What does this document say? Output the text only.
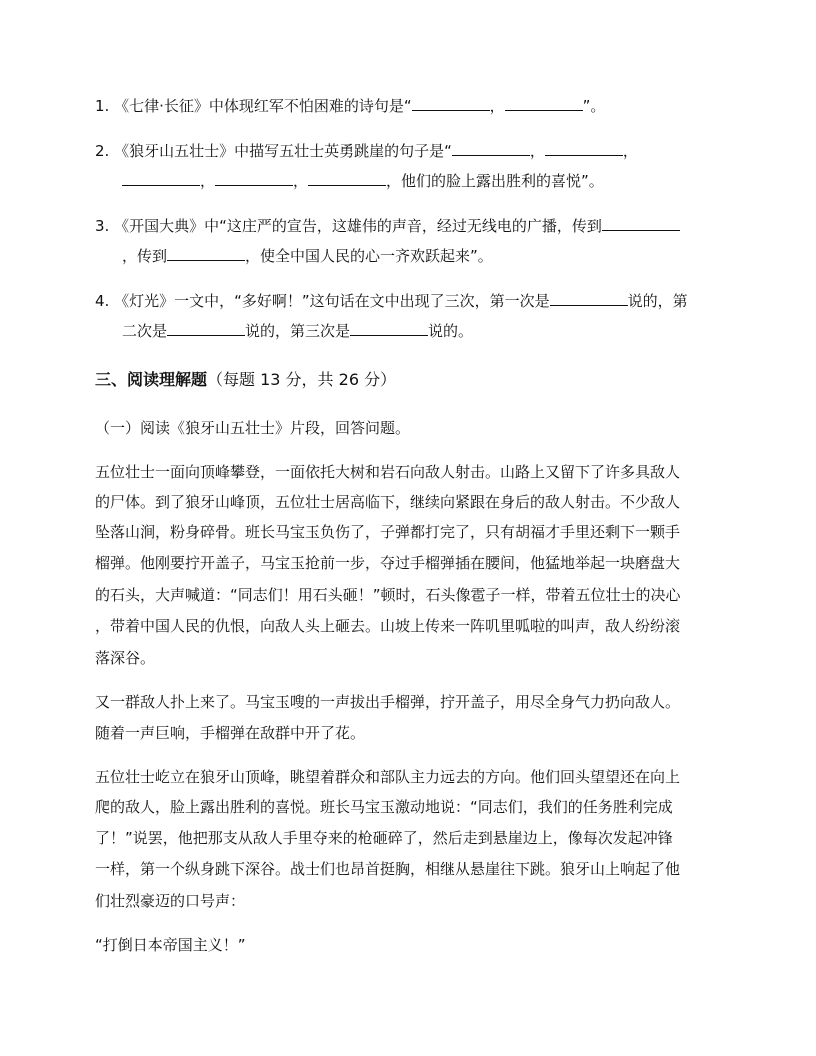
1. 《七律·长征》中体现红军不怕困难的诗句是“	，	”。
2. 《狼牙山五壮士》中描写五壮士英勇跳崖的句子是“	，	，
，	，	，他们的脸上露出胜利的喜悦”。
3. 《开国大典》中“这庄严的宣告，这雄伟的声音，经过无线电的广播，传到
，传到	，使全中国人民的心一齐欢跃起来”。
4. 《灯光》一文中，“多好啊！”这句话在文中出现了三次，第一次是	说的，第
二次是	说的，第三次是	说的。
三、阅读理解题（每题 13 分，共 26 分）
（一）阅读《狼牙山五壮士》片段，回答问题。
五位壮士一面向顶峰攀登，一面依托大树和岩石向敌人射击。山路上又留下了许多具敌人
的尸体。到了狼牙山峰顶，五位壮士居高临下，继续向紧跟在身后的敌人射击。不少敌人
坠落山涧，粉身碎骨。班长马宝玉负伤了，子弹都打完了，只有胡福才手里还剩下一颗手
榴弹。他刚要拧开盖子，马宝玉抢前一步，夺过手榴弹插在腰间，他猛地举起一块磨盘大
的石头，大声喊道：“同志们！用石头砸！”顿时，石头像雹子一样，带着五位壮士的决心
，带着中国人民的仇恨，向敌人头上砸去。山坡上传来一阵叽里呱啦的叫声，敌人纷纷滚
落深谷。
又一群敌人扑上来了。马宝玉嗖的一声拔出手榴弹，拧开盖子，用尽全身气力扔向敌人。
随着一声巨响，手榴弹在敌群中开了花。
五位壮士屹立在狼牙山顶峰，眺望着群众和部队主力远去的方向。他们回头望望还在向上
爬的敌人，脸上露出胜利的喜悦。班长马宝玉激动地说：“同志们，我们的任务胜利完成
了！”说罢，他把那支从敌人手里夺来的枪砸碎了，然后走到悬崖边上，像每次发起冲锋
一样，第一个纵身跳下深谷。战士们也昂首挺胸，相继从悬崖往下跳。狼牙山上响起了他
们壮烈豪迈的口号声：
“打倒日本帝国主义！”
